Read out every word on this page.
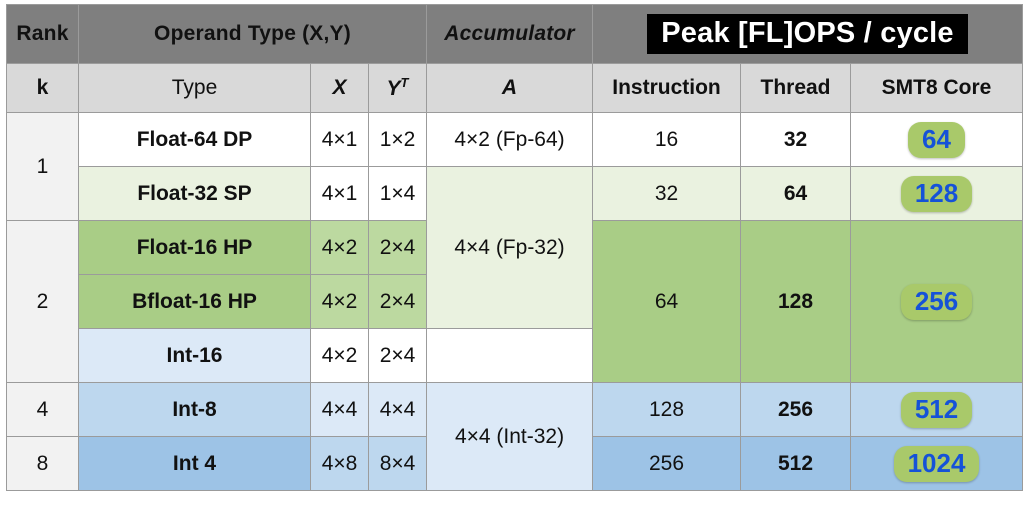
Rank	Operand Type (X,Y)			Accumulator	Peak [FL]OPS / cycle		
k	Type	X	$Y^T$	A	Instruction	Thread	SMT8 Core
1	Float-64 DP	4×1	1×2	4×2 (Fp-64)	16	32	64
	Float-32 SP	4×1	1×4	4×4 (Fp-32)	32	64	128
2	Float-16 HP	4×2	2×4		64	128	256
	Bfloat-16 HP	4×2	2×4				
	Int-16	4×2	2×4				
4	Int-8	4×4	4×4	4×4 (Int-32)	128	256	512
8	Int 4	4×8	8×4		256	512	1024
